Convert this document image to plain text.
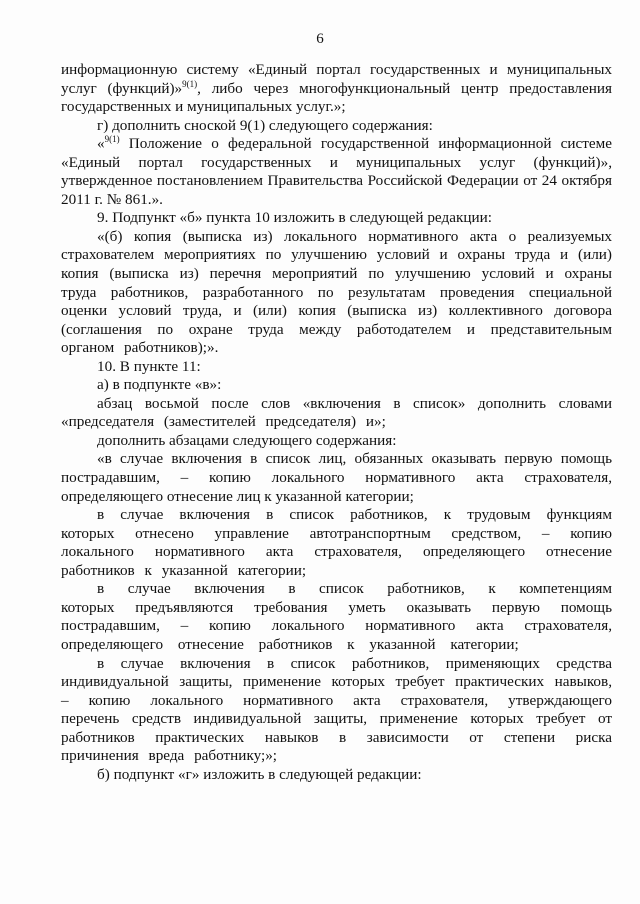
6

информационную систему «Единый портал государственных и муниципальных услуг (функций)»$^{9(1)}$, либо через многофункциональный центр предоставления государственных и муниципальных услуг.»;

г) дополнить сноской 9(1) следующего содержания:

«$^{9(1)}$ Положение о федеральной государственной информационной системе «Единый портал государственных и муниципальных услуг (функций)», утвержденное постановлением Правительства Российской Федерации от 24 октября 2011 г. № 861.».

9. Подпункт «б» пункта 10 изложить в следующей редакции:

«(б) копия (выписка из) локального нормативного акта о реализуемых страхователем мероприятиях по улучшению условий и охраны труда и (или) копия (выписка из) перечня мероприятий по улучшению условий и охраны труда работников, разработанного по результатам проведения специальной оценки условий труда, и (или) копия (выписка из) коллективного договора (соглашения по охране труда между работодателем и представительным органом работников);».

10. В пункте 11:

а) в подпункте «в»:

абзац восьмой после слов «включения в список» дополнить словами «председателя (заместителей председателя) и»;

дополнить абзацами следующего содержания:

«в случае включения в список лиц, обязанных оказывать первую помощь пострадавшим, – копию локального нормативного акта страхователя, определяющего отнесение лиц к указанной категории;

в случае включения в список работников, к трудовым функциям которых отнесено управление автотранспортным средством, – копию локального нормативного акта страхователя, определяющего отнесение работников к указанной категории;

в случае включения в список работников, к компетенциям которых предъявляются требования уметь оказывать первую помощь пострадавшим, – копию локального нормативного акта страхователя, определяющего отнесение работников к указанной категории;

в случае включения в список работников, применяющих средства индивидуальной защиты, применение которых требует практических навыков, – копию локального нормативного акта страхователя, утверждающего перечень средств индивидуальной защиты, применение которых требует от работников практических навыков в зависимости от степени риска причинения вреда работнику;»;

б) подпункт «г» изложить в следующей редакции:
